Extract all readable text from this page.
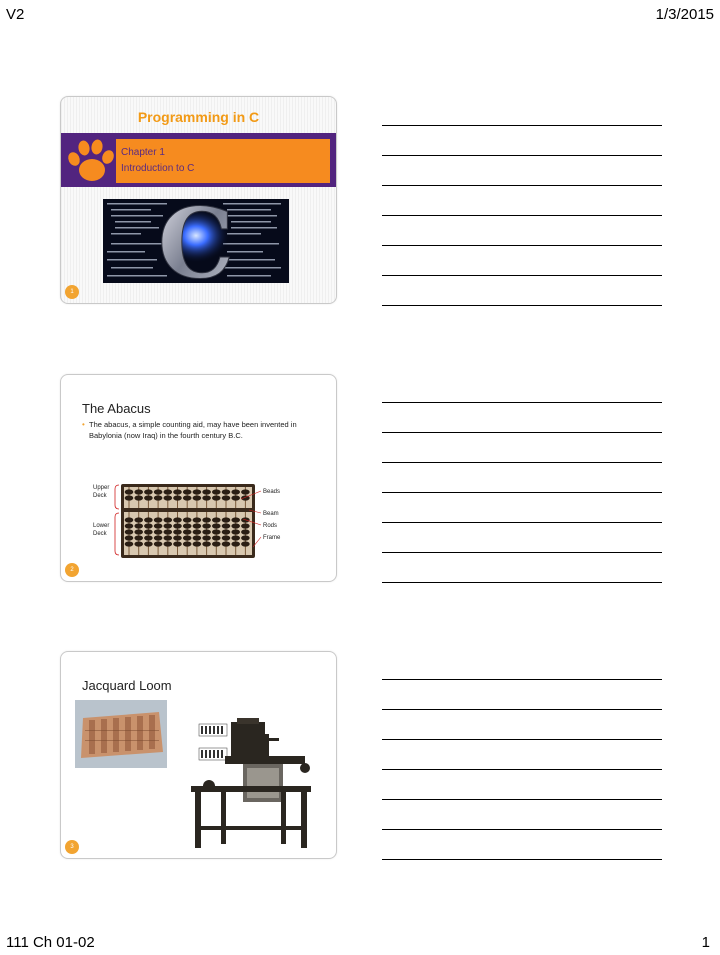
V2	1/3/2015
Programming in C
Chapter 1
Introduction to C
C
1
The Abacus
• The abacus, a simple counting aid, may have been invented in Babylonia (now Iraq) in the fourth century B.C.
Upper
Deck
Lower
Deck
Beads
Beam
Rods
Frame
2
Jacquard Loom
3
111 Ch 01-02	1
